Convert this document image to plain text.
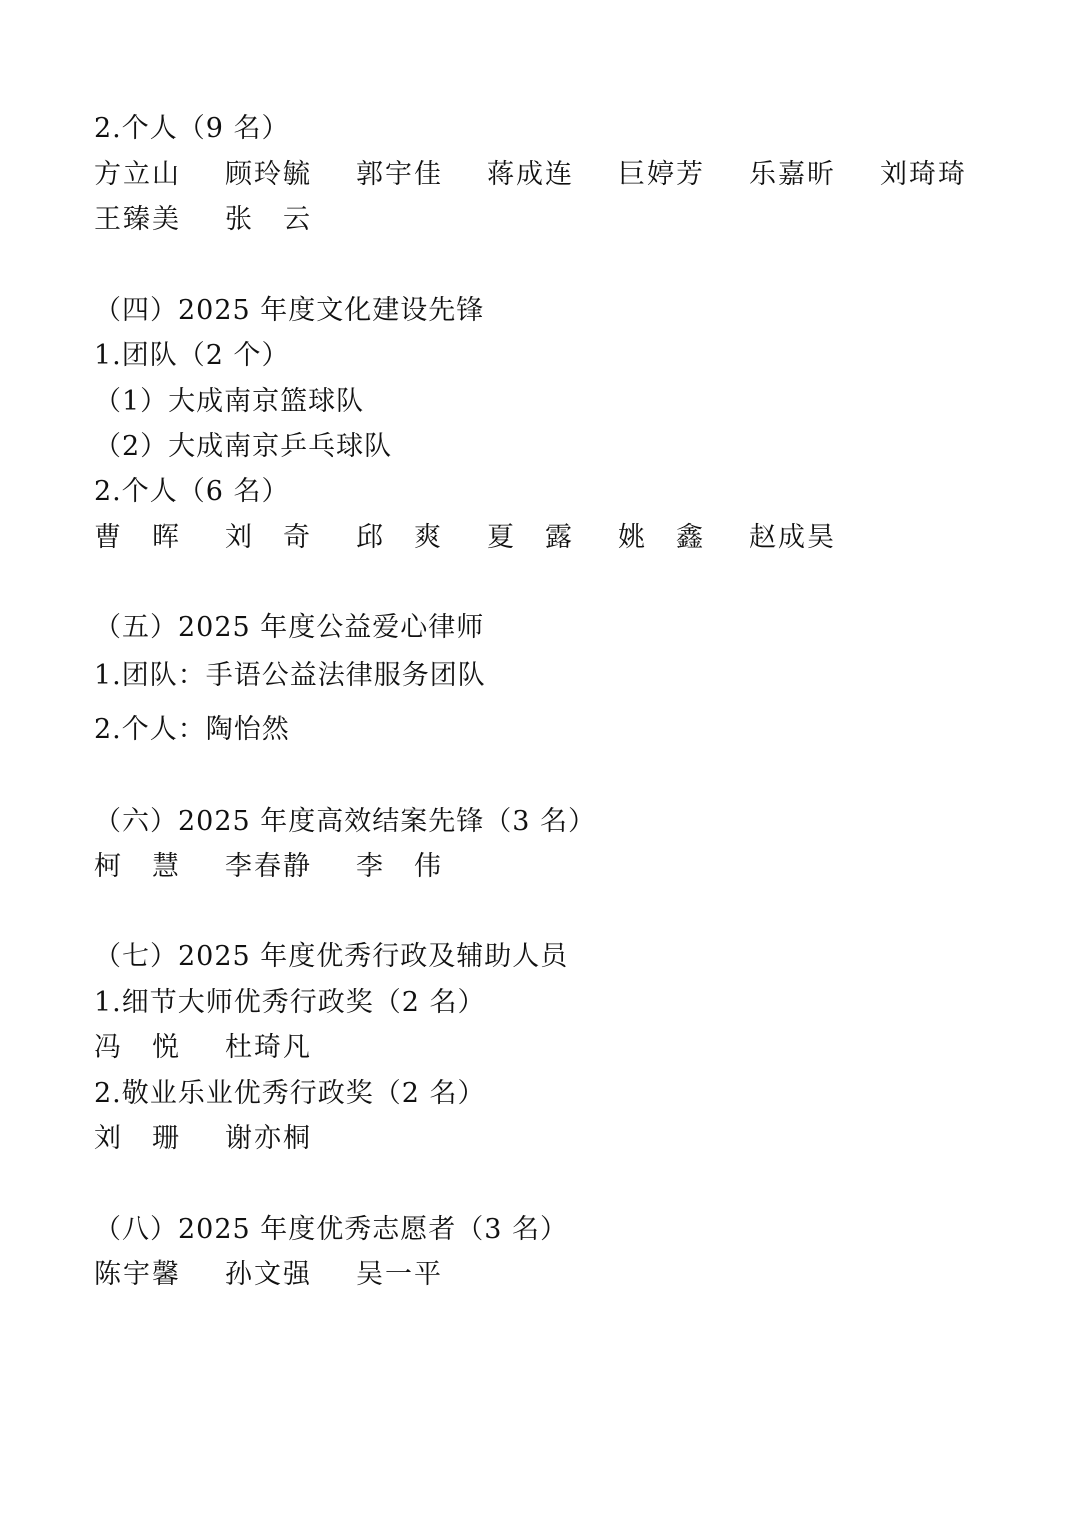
2.个人（9 名）
方立山 顾玲毓 郭宇佳 蒋成连 巨婷芳 乐嘉昕 刘琦琦
王臻美 张　云
（四）2025 年度文化建设先锋
1.团队（2 个）
（1）大成南京篮球队
（2）大成南京乒乓球队
2.个人（6 名）
曹　晖 刘　奇 邱　爽 夏　露 姚　鑫 赵成昊
（五）2025 年度公益爱心律师
1.团队：手语公益法律服务团队
2.个人：陶怡然
（六）2025 年度高效结案先锋（3 名）
柯　慧 李春静 李　伟
（七）2025 年度优秀行政及辅助人员
1.细节大师优秀行政奖（2 名）
冯　悦 杜琦凡
2.敬业乐业优秀行政奖（2 名）
刘　珊 谢亦桐
（八）2025 年度优秀志愿者（3 名）
陈宇馨 孙文强 吴一平
